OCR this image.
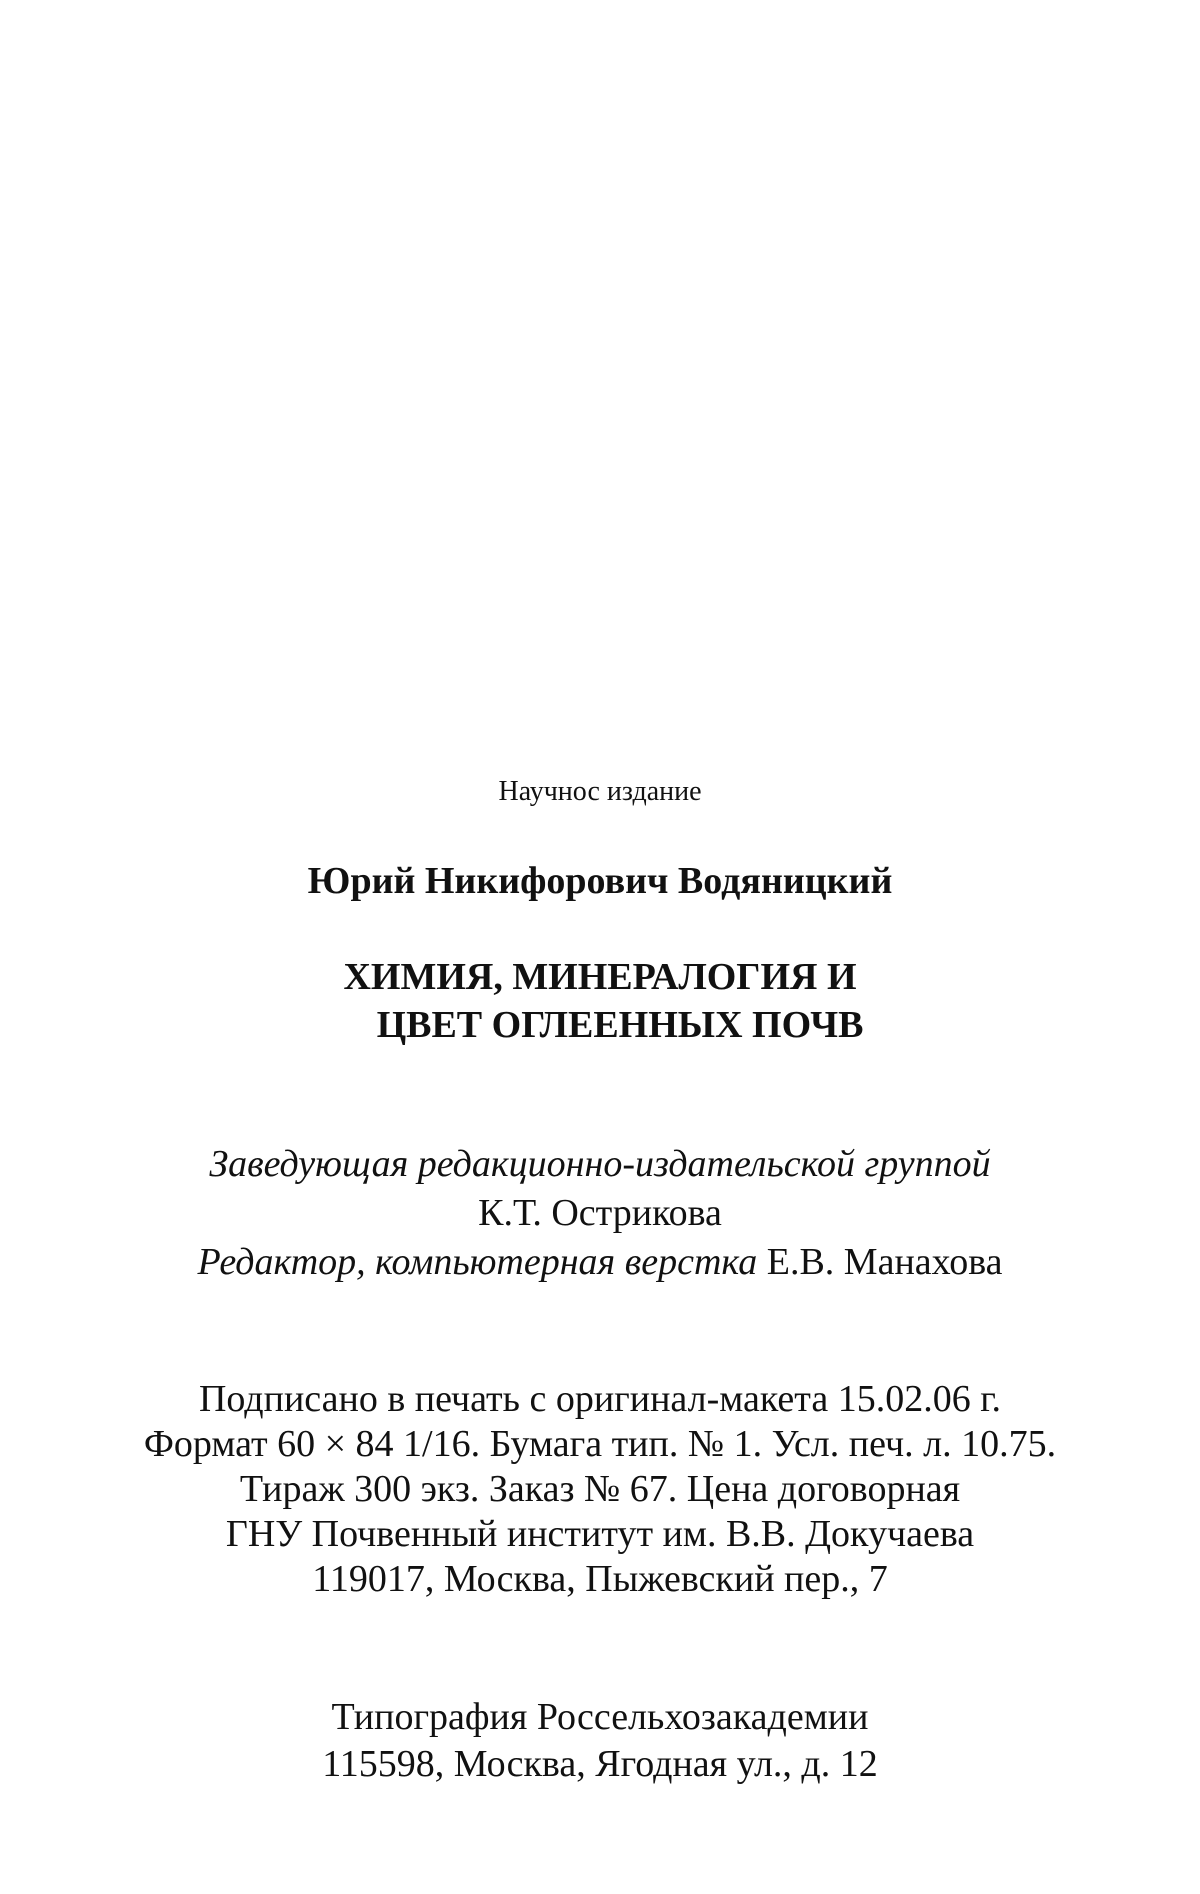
Научнос издание
Юрий Никифорович Водяницкий
ХИМИЯ, МИНЕРАЛОГИЯ И
ЦВЕТ ОГЛЕЕННЫХ ПОЧВ
Заведующая редакционно-издательской группой
К.Т. Острикова
Редактор, компьютерная верстка Е.В. Манахова
Подписано в печать с оригинал-макета 15.02.06 г.
Формат 60 × 84 1/16. Бумага тип. № 1. Усл. печ. л. 10.75.
Тираж 300 экз. Заказ № 67. Цена договорная
ГНУ Почвенный институт им. В.В. Докучаева
119017, Москва, Пыжевский пер., 7
Типография Россельхозакадемии
115598, Москва, Ягодная ул., д. 12
